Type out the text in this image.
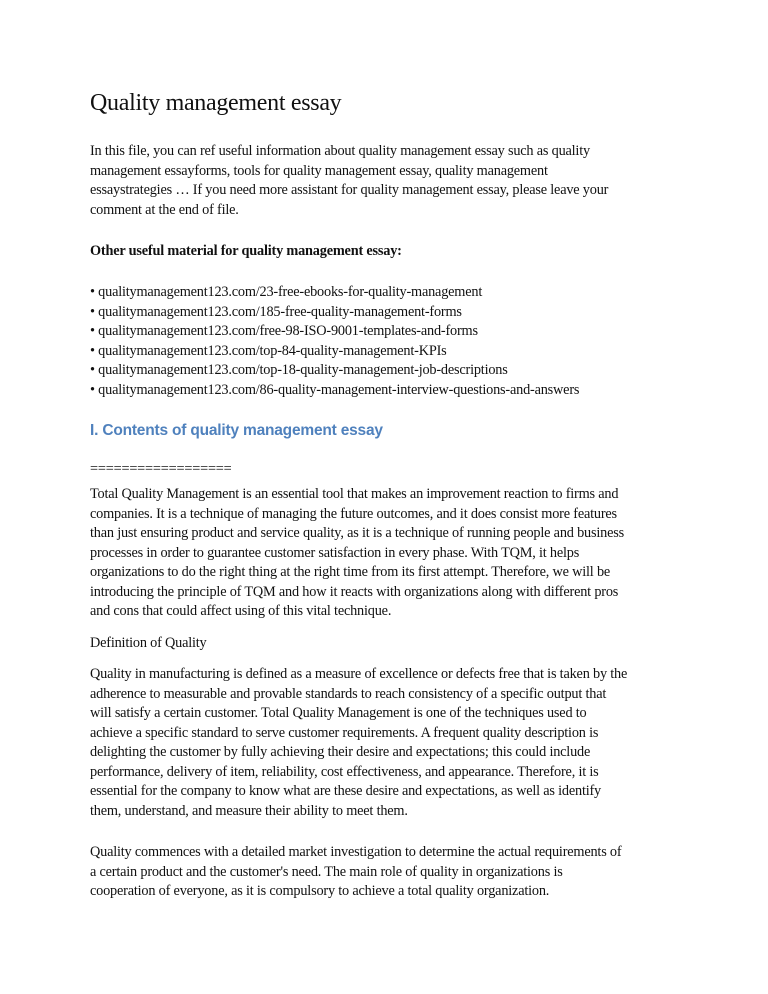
Quality management essay
In this file, you can ref useful information about quality management essay such as quality
management essayforms, tools for quality management essay, quality management
essaystrategies … If you need more assistant for quality management essay, please leave your
comment at the end of file.
Other useful material for quality management essay:
• qualitymanagement123.com/23-free-ebooks-for-quality-management
• qualitymanagement123.com/185-free-quality-management-forms
• qualitymanagement123.com/free-98-ISO-9001-templates-and-forms
• qualitymanagement123.com/top-84-quality-management-KPIs
• qualitymanagement123.com/top-18-quality-management-job-descriptions
• qualitymanagement123.com/86-quality-management-interview-questions-and-answers
I. Contents of quality management essay
==================
Total Quality Management is an essential tool that makes an improvement reaction to firms and
companies. It is a technique of managing the future outcomes, and it does consist more features
than just ensuring product and service quality, as it is a technique of running people and business
processes in order to guarantee customer satisfaction in every phase. With TQM, it helps
organizations to do the right thing at the right time from its first attempt. Therefore, we will be
introducing the principle of TQM and how it reacts with organizations along with different pros
and cons that could affect using of this vital technique.
Definition of Quality
Quality in manufacturing is defined as a measure of excellence or defects free that is taken by the
adherence to measurable and provable standards to reach consistency of a specific output that
will satisfy a certain customer. Total Quality Management is one of the techniques used to
achieve a specific standard to serve customer requirements. A frequent quality description is
delighting the customer by fully achieving their desire and expectations; this could include
performance, delivery of item, reliability, cost effectiveness, and appearance. Therefore, it is
essential for the company to know what are these desire and expectations, as well as identify
them, understand, and measure their ability to meet them.
Quality commences with a detailed market investigation to determine the actual requirements of
a certain product and the customer's need. The main role of quality in organizations is
cooperation of everyone, as it is compulsory to achieve a total quality organization.
